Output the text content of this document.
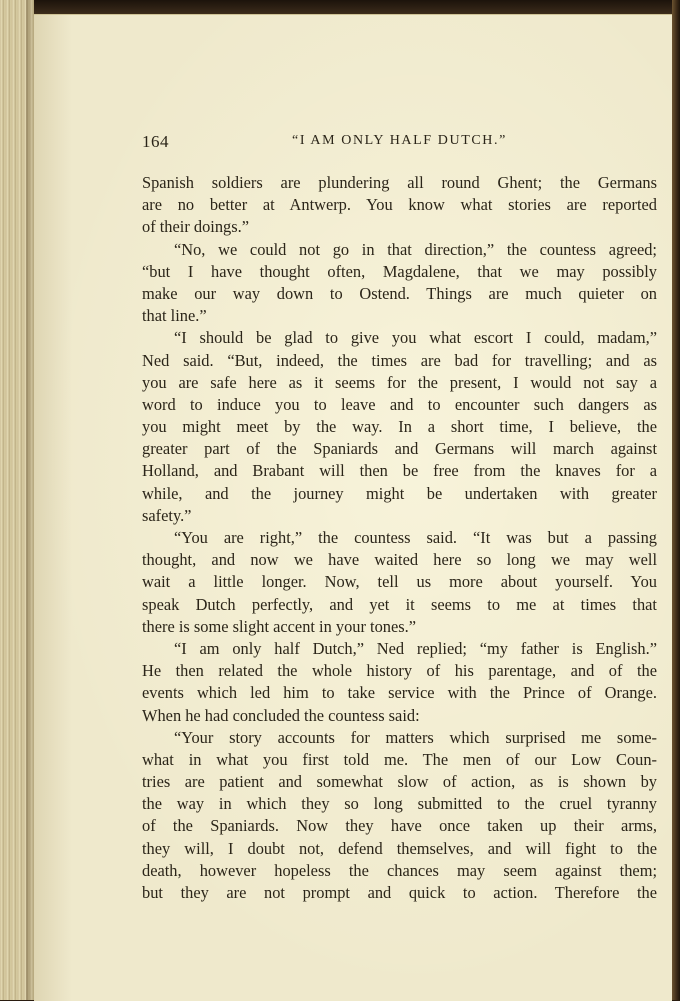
164	“I AM ONLY HALF DUTCH.”
Spanish soldiers are plundering all round Ghent; the Germans
are no better at Antwerp. You know what stories are reported
of their doings.”
“No, we could not go in that direction,” the countess agreed;
“but I have thought often, Magdalene, that we may possibly
make our way down to Ostend. Things are much quieter on
that line.”
“I should be glad to give you what escort I could, madam,”
Ned said. “But, indeed, the times are bad for travelling; and as
you are safe here as it seems for the present, I would not say a
word to induce you to leave and to encounter such dangers as
you might meet by the way. In a short time, I believe, the
greater part of the Spaniards and Germans will march against
Holland, and Brabant will then be free from the knaves for a
while, and the journey might be undertaken with greater
safety.”
“You are right,” the countess said. “It was but a passing
thought, and now we have waited here so long we may well
wait a little longer. Now, tell us more about yourself. You
speak Dutch perfectly, and yet it seems to me at times that
there is some slight accent in your tones.”
“I am only half Dutch,” Ned replied; “my father is English.”
He then related the whole history of his parentage, and of the
events which led him to take service with the Prince of Orange.
When he had concluded the countess said:
“Your story accounts for matters which surprised me some-
what in what you first told me. The men of our Low Coun-
tries are patient and somewhat slow of action, as is shown by
the way in which they so long submitted to the cruel tyranny
of the Spaniards. Now they have once taken up their arms,
they will, I doubt not, defend themselves, and will fight to the
death, however hopeless the chances may seem against them;
but they are not prompt and quick to action. Therefore the
